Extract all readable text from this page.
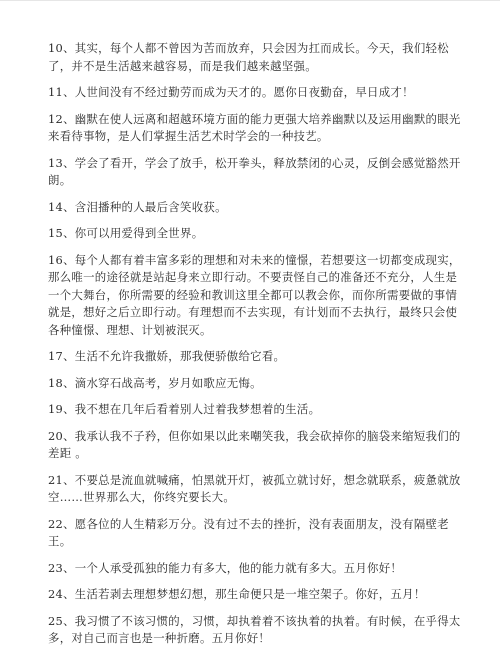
10、其实，每个人都不曾因为苦而放弃，只会因为扛而成长。今天，我们轻松了，并不是生活越来越容易，而是我们越来越坚强。

11、人世间没有不经过勤劳而成为天才的。愿你日夜勤奋，早日成才！

12、幽默在使人远离和超越环境方面的能力更强大培养幽默以及运用幽默的眼光来看待事物，是人们掌握生活艺术时学会的一种技艺。

13、学会了看开，学会了放手，松开拳头，释放禁闭的心灵，反倒会感觉豁然开朗。

14、含泪播种的人最后含笑收获。

15、你可以用爱得到全世界。

16、每个人都有着丰富多彩的理想和对未来的憧憬，若想要这一切都变成现实，那么唯一的途径就是站起身来立即行动。不要责怪自己的准备还不充分，人生是一个大舞台，你所需要的经验和教训这里全都可以教会你，而你所需要做的事情就是，想好之后立即行动。有理想而不去实现，有计划而不去执行，最终只会使各种憧憬、理想、计划被泯灭。

17、生活不允许我撒娇，那我便骄傲给它看。

18、滴水穿石战高考，岁月如歌应无悔。

19、我不想在几年后看着别人过着我梦想着的生活。

20、我承认我不子矜，但你如果以此来嘲笑我，我会砍掉你的脑袋来缩短我们的差距 。

21、不要总是流血就喊痛，怕黑就开灯，被孤立就讨好，想念就联系，疲惫就放空……世界那么大，你终究要长大。

22、愿各位的人生精彩万分。没有过不去的挫折，没有表面朋友，没有隔壁老王。

23、一个人承受孤独的能力有多大，他的能力就有多大。五月你好！

24、生活若剥去理想梦想幻想，那生命便只是一堆空架子。你好，五月！

25、我习惯了不该习惯的，习惯，却执着着不该执着的执着。有时候，在乎得太多，对自己而言也是一种折磨。五月你好！
